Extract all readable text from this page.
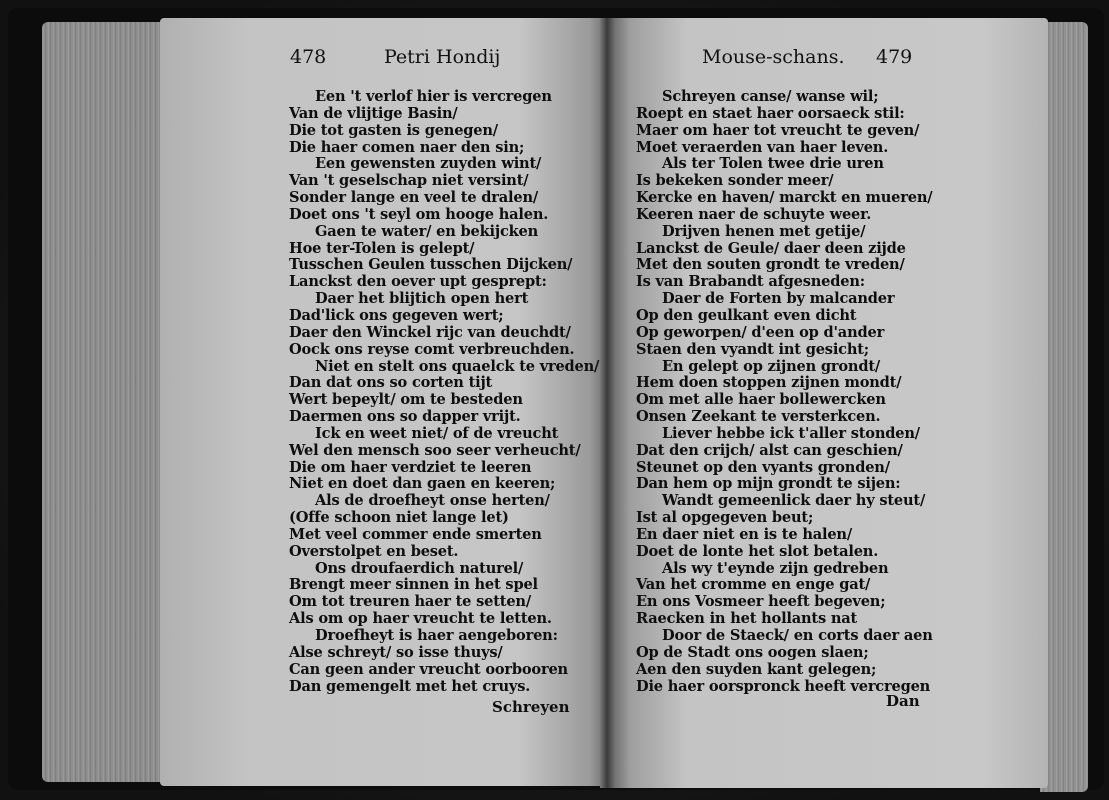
478	Petri Hondij	Mouse-schans. 479
Een 't verlof hier is vercregen
Van de vlijtige Basin/
Die tot gasten is genegen/
Die haer comen naer den sin;
Een gewensten zuyden wint/
Van 't geselschap niet versint/
Sonder lange en veel te dralen/
Doet ons 't seyl om hooge halen.
Gaen te water/ en bekijcken
Hoe ter-Tolen is gelept/
Tusschen Geulen tusschen Dijcken/
Lanckst den oever upt gesprept:
Daer het blijtich open hert
Dad'lick ons gegeven wert;
Daer den Winckel rijc van deuchdt/
Oock ons reyse comt verbreuchden.
Niet en stelt ons quaelck te vreden/
Dan dat ons so corten tijt
Wert bepeylt/ om te besteden
Daermen ons so dapper vrijt.
Ick en weet niet/ of de vreucht
Wel den mensch soo seer verheucht/
Die om haer verdziet te leeren
Niet en doet dan gaen en keeren;
Als de droefheyt onse herten/
(Offe schoon niet lange let)
Met veel commer ende smerten
Overstolpet en beset.
Ons droufaerdich naturel/
Brengt meer sinnen in het spel
Om tot treuren haer te setten/
Als om op haer vreucht te letten.
Droefheyt is haer aengeboren:
Alse schreyt/ so isse thuys/
Can geen ander vreucht oorbooren
Dan gemengelt met het cruys.
Schreyen
Schreyen canse/ wanse wil;
Roept en staet haer oorsaeck stil:
Maer om haer tot vreucht te geven/
Moet veraerden van haer leven.
Als ter Tolen twee drie uren
Is bekeken sonder meer/
Kercke en haven/ marckt en mueren/
Keeren naer de schuyte weer.
Drijven henen met getije/
Lanckst de Geule/ daer deen zijde
Met den souten grondt te vreden/
Is van Brabandt afgesneden:
Daer de Forten by malcander
Op den geulkant even dicht
Op geworpen/ d'een op d'ander
Staen den vyandt int gesicht;
En gelept op zijnen grondt/
Hem doen stoppen zijnen mondt/
Om met alle haer bollewercken
Onsen Zeekant te versterkcen.
Liever hebbe ick t'aller stonden/
Dat den crijch/ alst can geschien/
Steunet op den vyants gronden/
Dan hem op mijn grondt te sijen:
Wandt gemeenlick daer hy steut/
Ist al opgegeven beut;
En daer niet en is te halen/
Doet de lonte het slot betalen.
Als wy t'eynde zijn gedreben
Van het cromme en enge gat/
En ons Vosmeer heeft begeven;
Raecken in het hollants nat
Door de Staeck/ en corts daer aen
Op de Stadt ons oogen slaen;
Aen den suyden kant gelegen;
Die haer oorspronck heeft vercregen
Dan
